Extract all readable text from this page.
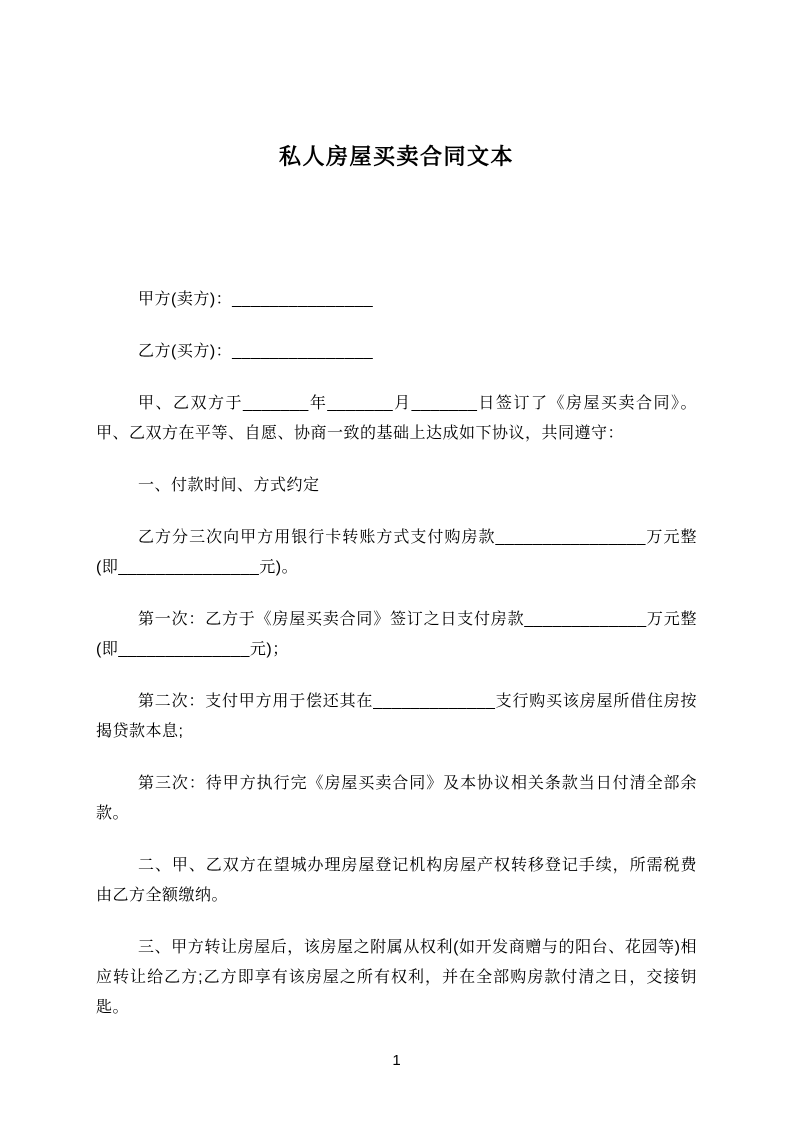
私人房屋买卖合同文本

甲方(卖方)：_______________

乙方(买方)：_______________

甲、乙双方于_______年_______月_______日签订了《房屋买卖合同》。甲、乙双方在平等、自愿、协商一致的基础上达成如下协议，共同遵守：

一、付款时间、方式约定

乙方分三次向甲方用银行卡转账方式支付购房款________________万元整(即_______________元)。

第一次：乙方于《房屋买卖合同》签订之日支付房款_____________万元整(即______________元)；

第二次：支付甲方用于偿还其在_____________支行购买该房屋所借住房按揭贷款本息;

第三次：待甲方执行完《房屋买卖合同》及本协议相关条款当日付清全部余款。

二、甲、乙双方在望城办理房屋登记机构房屋产权转移登记手续，所需税费由乙方全额缴纳。

三、甲方转让房屋后，该房屋之附属从权利(如开发商赠与的阳台、花园等)相应转让给乙方;乙方即享有该房屋之所有权利，并在全部购房款付清之日，交接钥匙。

1
